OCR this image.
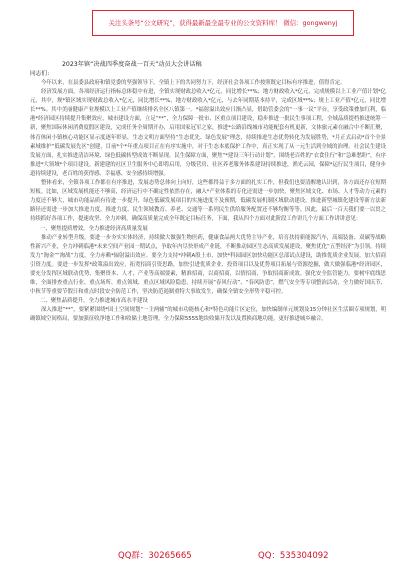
关注头条号“公文研究”，获得最新最全最专业的公文资料库！ 微信：gongwenyj
2023年镇“决战四季度奋战一百天”动员大会讲话稿
同志们：

今年以来，在县委县政府和镇党委的坚强领导下，全镇上下的共同努力下，经济社会各项工作按照既定目标有序推进，值得肯定。

经济发展方面，各项经济运行指标总体稳中有进，全镇实现财政总收入*亿元，同比增长**%；地方财政收入*亿元，完成规模以上工业产值计划*亿元，其中，规*镇区域实现财政总收入*亿元，同比增长**%，地方财政收入*亿元，与去年同期基本持平，完成区域**%；规上工业产值*亿元，同比增长**%。其中美丽健康产业规模以上工业产值继续排名全区八镇第一。*福射溢出效应日渐凸显，借助管委会的“一事一议”平台，享受政策叠加红利，临港*经济园区持续提升集聚效应，城市建设方面，立足“**”，全力保障一批市、区重点项目建设，稳步推进一批民生事项工程，全域品质提档推进统筹一新，聚焦国际休闲消费度假区建设，完成任务全周期开办，启用国家冠军之家，推进*公路沿线城市功能配套有机更新，文体旅元素在融合中不断汇聚，体育休闲小镇核心功能区显示度逐年彰显，生态文明方面坚持“生态优先、绿色发展”理念，持续推进生态优势转化为发展胜势，*月正式启动*首个全景素域维护“低碳发展先区”创建，目前*个*年重点项目正在有序实施中，对于生态本底保护工作中，真正实现了从一元生活到全域的治理。社会民生建设发展方面，扎实推进清洁环境、绿色低碳转型成效不断显现。民生保障方面，聚焦“*建设三年行动计划”，围绕老百姓的“衣食住行”和“急难愁盼”，有序推进*大领域*个项目建设。新建建的社区卫生服务中心即将启用，分级营房、社区养老服务体系建设持续推进，渔光云园，保障*运行民生项目，健身步道持续建设，老百姓的获得感、幸福感、安全感持续增强。

整体看来，全镇各项工作都在有序推进，发展态势总体向上向好，这些都得益于多方面的扎实工作，但我们也要清醒地认识到，各方面还存在短期短板。比如，区域发展机能还不够高，经济运行中不确定性依然存在，融入*产业体系的专化还需进一步加快，聚焦区域文化、市场、人才等动力元素的力度还不够大，城市功能品质有待进一步提升，绿色低碳发展项目的实施进度不及预期，低碳发展机制区域联动建设，推进新型城镇化建设等新方法新路径还需进一步加大推进力度，推进力度、民生领域教育、养老、交通等一系列民生供给服务配置还不够均衡等等。因此，最后一百天我们要一以贯之持续抓好各项工作，提速攻坚、全力冲刺，确保高质量完成全年既定目标任务，下面，我从四个方面对此阶段工作讲几个方面工作讲讲意见：

一、聚焦提质增效，全力推进经济高质量发展

推动产业转型升级。要进一步夯实实体经济，持续做大做强生物医药，健康食品两大优势主导产业，培育扶持新能源汽车，高端装备、双碳等战略性新兴产业，全力冲刺临港*未来空间产业园一期试点，争取年内尽快形成产业链，不断推动园区生态高质发展建设，聚焦优化“五型经济”为引领，持续发力“淘金”“淘战”力度，全力赤赖*辐射溢出效应。要全力支持*冲刺A股上市，加快*科园园区加快功能区总部试点建设，助推优质企业发展，加大招商引资力度。要进一步发挥*政策溢出效应，拓宽招商引资思路，加快引进优质企业、投资项目以及优势项目拓展与资源挖掘，做大做强临港*经济园区，要充分发挥区域联动优势、集聚资本、人才、产业等高端要素，精准招商，以商招商，以情招商，争取招商新成效。强化安全监管能力。要树牢底线思维，全面排查重点行业、重点场所、重点领域、重点区域风险隐患，持续开展“春风行动”、“春风防患”，燃气安全等专项整治活动，全力做好国庆节、中秋节等重要节假日和重点时段安全防范工作，坚决防范遏制重特大事故发生，确保全镇安全形势平稳可控。

二、聚焦品质提升，全力推进城市高水平建设

深入推进“**”，要紧紧围绕*国土空间规划“一主两辅”的城市功能核心和*特色功能片区定位，加快编制单元规划及15分钟社区生活圈专项规划，明确镇域空间格局，要加强征收净地工作和收储土地管理，全力保障5555地块收储开发以及置换商地功能，更好推进城乡融合。

QQ群：30265665	QQ：535304092
